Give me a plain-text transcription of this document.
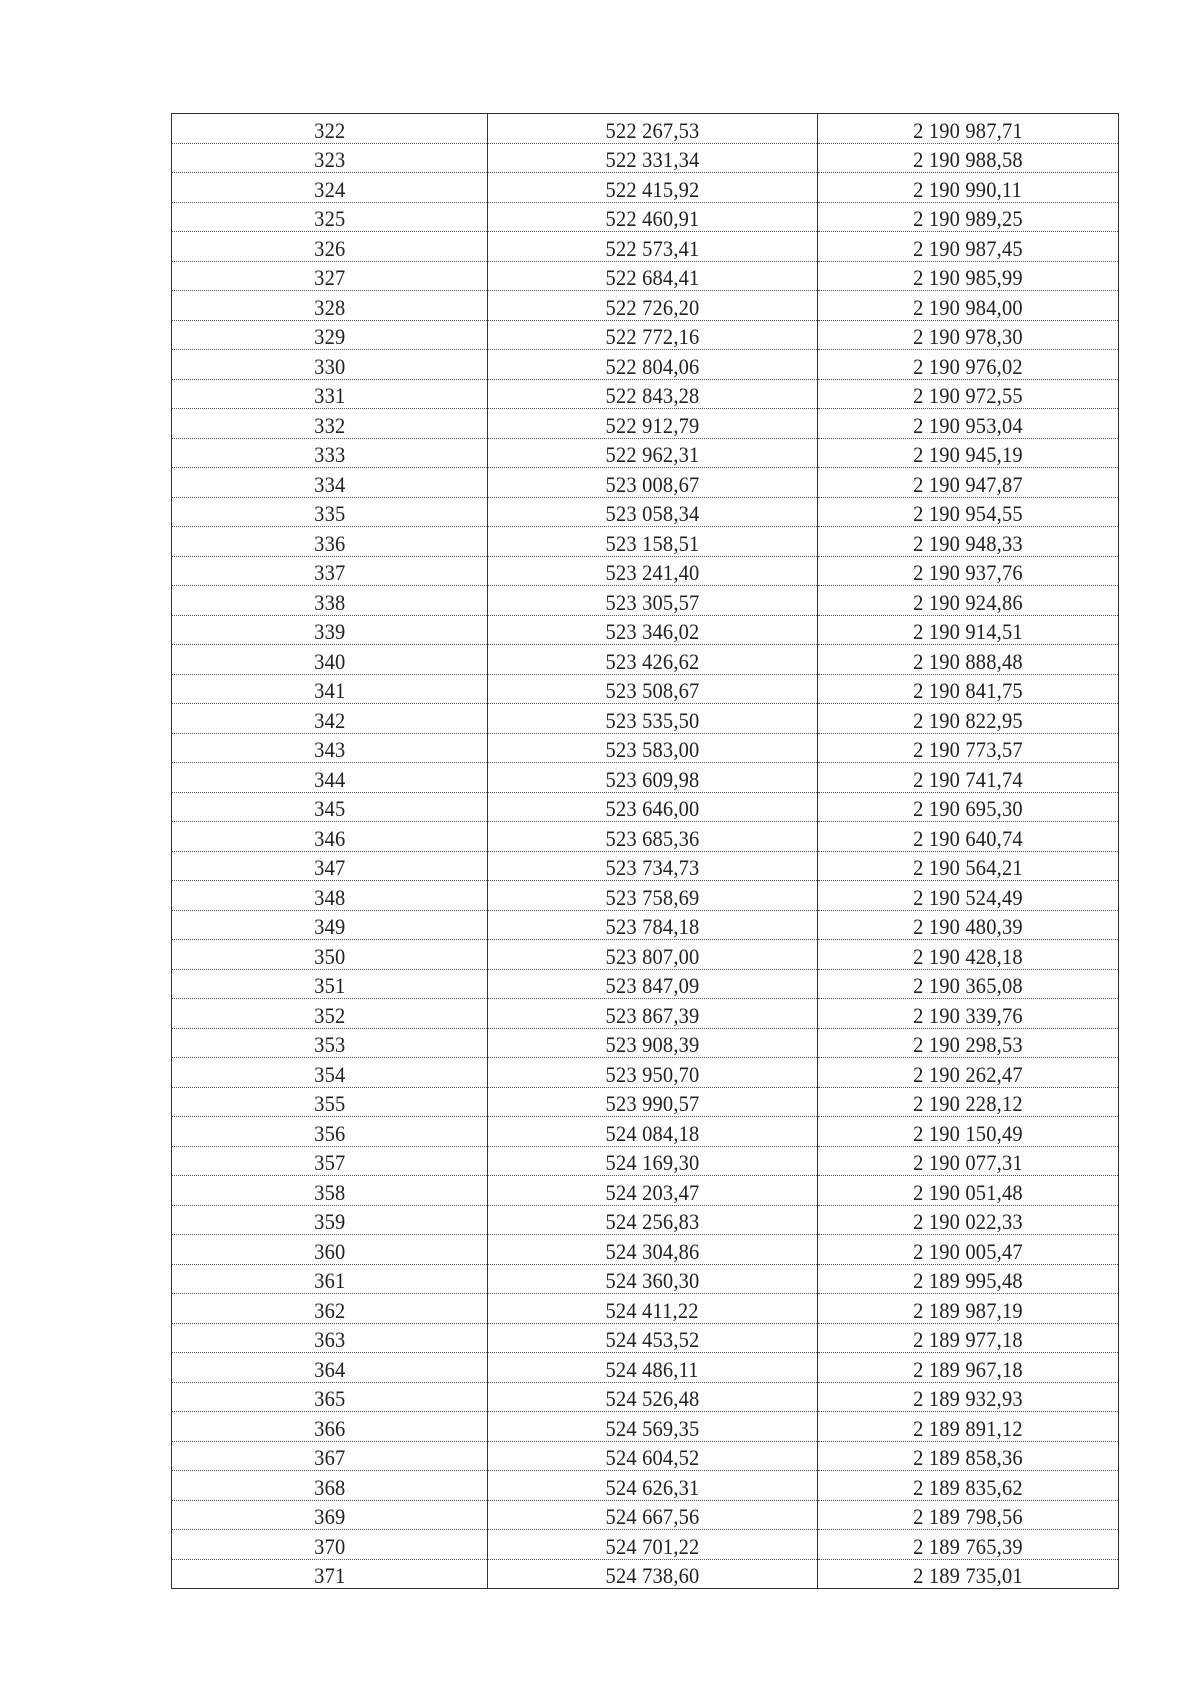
322	522 267,53	2 190 987,71
323	522 331,34	2 190 988,58
324	522 415,92	2 190 990,11
325	522 460,91	2 190 989,25
326	522 573,41	2 190 987,45
327	522 684,41	2 190 985,99
328	522 726,20	2 190 984,00
329	522 772,16	2 190 978,30
330	522 804,06	2 190 976,02
331	522 843,28	2 190 972,55
332	522 912,79	2 190 953,04
333	522 962,31	2 190 945,19
334	523 008,67	2 190 947,87
335	523 058,34	2 190 954,55
336	523 158,51	2 190 948,33
337	523 241,40	2 190 937,76
338	523 305,57	2 190 924,86
339	523 346,02	2 190 914,51
340	523 426,62	2 190 888,48
341	523 508,67	2 190 841,75
342	523 535,50	2 190 822,95
343	523 583,00	2 190 773,57
344	523 609,98	2 190 741,74
345	523 646,00	2 190 695,30
346	523 685,36	2 190 640,74
347	523 734,73	2 190 564,21
348	523 758,69	2 190 524,49
349	523 784,18	2 190 480,39
350	523 807,00	2 190 428,18
351	523 847,09	2 190 365,08
352	523 867,39	2 190 339,76
353	523 908,39	2 190 298,53
354	523 950,70	2 190 262,47
355	523 990,57	2 190 228,12
356	524 084,18	2 190 150,49
357	524 169,30	2 190 077,31
358	524 203,47	2 190 051,48
359	524 256,83	2 190 022,33
360	524 304,86	2 190 005,47
361	524 360,30	2 189 995,48
362	524 411,22	2 189 987,19
363	524 453,52	2 189 977,18
364	524 486,11	2 189 967,18
365	524 526,48	2 189 932,93
366	524 569,35	2 189 891,12
367	524 604,52	2 189 858,36
368	524 626,31	2 189 835,62
369	524 667,56	2 189 798,56
370	524 701,22	2 189 765,39
371	524 738,60	2 189 735,01
